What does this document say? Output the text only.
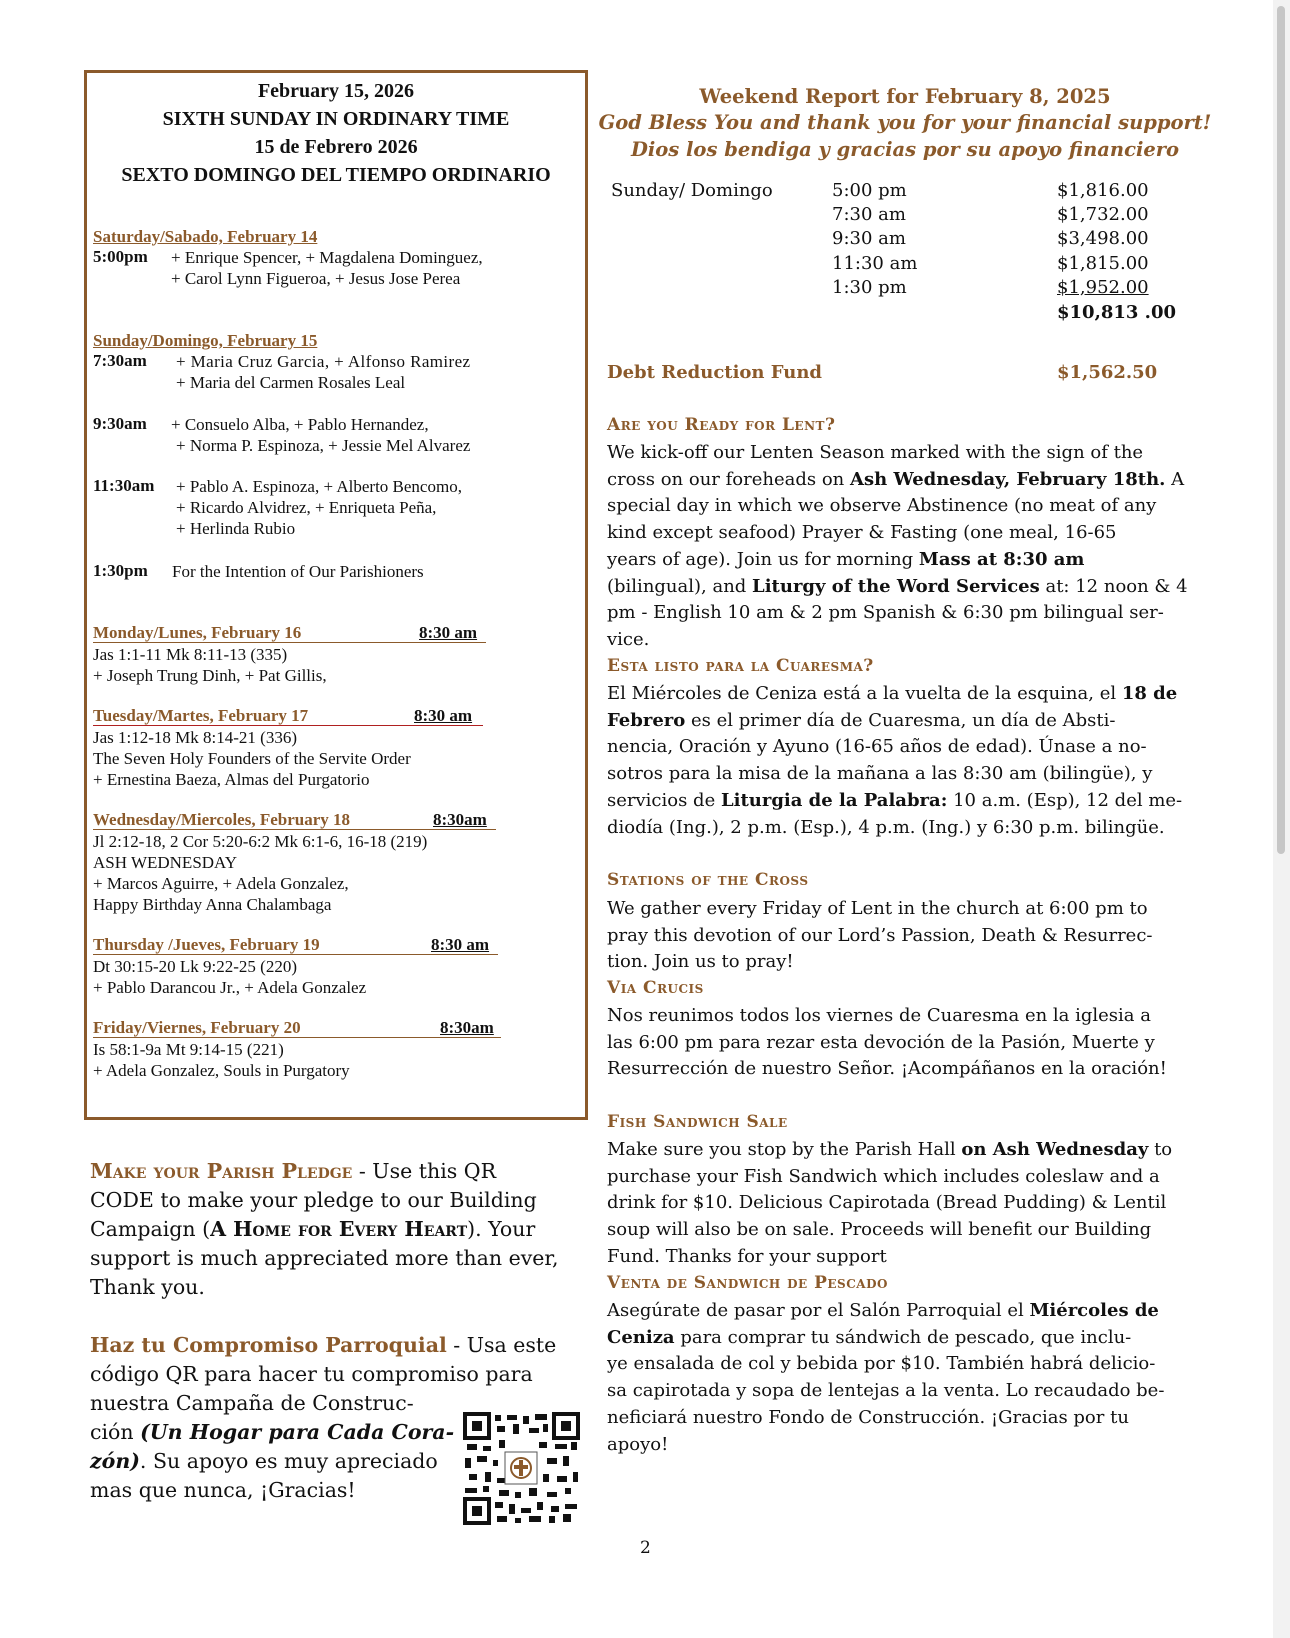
February 15, 2026
SIXTH SUNDAY IN ORDINARY TIME
15 de Febrero 2026
SEXTO DOMINGO DEL TIEMPO ORDINARIO
Saturday/Sabado, February 14
5:00pm + Enrique Spencer, + Magdalena Dominguez,
+ Carol Lynn Figueroa, + Jesus Jose Perea
Sunday/Domingo, February 15
7:30am + Maria Cruz Garcia, + Alfonso Ramirez
+ Maria del Carmen Rosales Leal
9:30am + Consuelo Alba, + Pablo Hernandez,
+ Norma P. Espinoza, + Jessie Mel Alvarez
11:30am + Pablo A. Espinoza, + Alberto Bencomo,
+ Ricardo Alvidrez, + Enriqueta Peña,
+ Herlinda Rubio
1:30pm For the Intention of Our Parishioners
Monday/Lunes, February 16	8:30 am
Jas 1:1-11 Mk 8:11-13 (335)
+ Joseph Trung Dinh, + Pat Gillis,
Tuesday/Martes, February 17	8:30 am
Jas 1:12-18 Mk 8:14-21 (336)
The Seven Holy Founders of the Servite Order
+ Ernestina Baeza, Almas del Purgatorio
Wednesday/Miercoles, February 18	8:30am
Jl 2:12-18, 2 Cor 5:20-6:2 Mk 6:1-6, 16-18 (219)
ASH WEDNESDAY
+ Marcos Aguirre, + Adela Gonzalez,
Happy Birthday Anna Chalambaga
Thursday /Jueves, February 19	8:30 am
Dt 30:15-20 Lk 9:22-25 (220)
+ Pablo Darancou Jr., + Adela Gonzalez
Friday/Viernes, February 20	8:30am
Is 58:1-9a Mt 9:14-15 (221)
+ Adela Gonzalez, Souls in Purgatory
Make your Parish Pledge - Use this QR
CODE to make your pledge to our Building
Campaign (A Home for Every Heart). Your
support is much appreciated more than ever,
Thank you.
Haz tu Compromiso Parroquial - Usa este
código QR para hacer tu compromiso para
nuestra Campaña de Construc-
ción (Un Hogar para Cada Cora-
zón). Su apoyo es muy apreciado
mas que nunca, ¡Gracias!
Weekend Report for February 8, 2025
God Bless You and thank you for your financial support!
Dios los bendiga y gracias por su apoyo financiero
Sunday/ Domingo	5:00 pm	$1,816.00
7:30 am	$1,732.00
9:30 am	$3,498.00
11:30 am	$1,815.00
1:30 pm	$1,952.00
$10,813 .00
Debt Reduction Fund	$1,562.50
Are you Ready for Lent?
We kick-off our Lenten Season marked with the sign of the
cross on our foreheads on Ash Wednesday, February 18th. A
special day in which we observe Abstinence (no meat of any
kind except seafood) Prayer & Fasting (one meal, 16-65
years of age). Join us for morning Mass at 8:30 am
(bilingual), and Liturgy of the Word Services at: 12 noon & 4
pm - English 10 am & 2 pm Spanish & 6:30 pm bilingual ser-
vice.
Esta listo para la Cuaresma?
El Miércoles de Ceniza está a la vuelta de la esquina, el 18 de
Febrero es el primer día de Cuaresma, un día de Absti-
nencia, Oración y Ayuno (16-65 años de edad). Únase a no-
sotros para la misa de la mañana a las 8:30 am (bilingüe), y
servicios de Liturgia de la Palabra: 10 a.m. (Esp), 12 del me-
diodía (Ing.), 2 p.m. (Esp.), 4 p.m. (Ing.) y 6:30 p.m. bilingüe.
Stations of the Cross
We gather every Friday of Lent in the church at 6:00 pm to
pray this devotion of our Lord’s Passion, Death & Resurrec-
tion. Join us to pray!
Via Crucis
Nos reunimos todos los viernes de Cuaresma en la iglesia a
las 6:00 pm para rezar esta devoción de la Pasión, Muerte y
Resurrección de nuestro Señor. ¡Acompáñanos en la oración!
Fish Sandwich Sale
Make sure you stop by the Parish Hall on Ash Wednesday to
purchase your Fish Sandwich which includes coleslaw and a
drink for $10. Delicious Capirotada (Bread Pudding) & Lentil
soup will also be on sale. Proceeds will benefit our Building
Fund. Thanks for your support
Venta de Sandwich de Pescado
Asegúrate de pasar por el Salón Parroquial el Miércoles de
Ceniza para comprar tu sándwich de pescado, que inclu-
ye ensalada de col y bebida por $10. También habrá delicio-
sa capirotada y sopa de lentejas a la venta. Lo recaudado be-
neficiará nuestro Fondo de Construcción. ¡Gracias por tu
apoyo!
2
